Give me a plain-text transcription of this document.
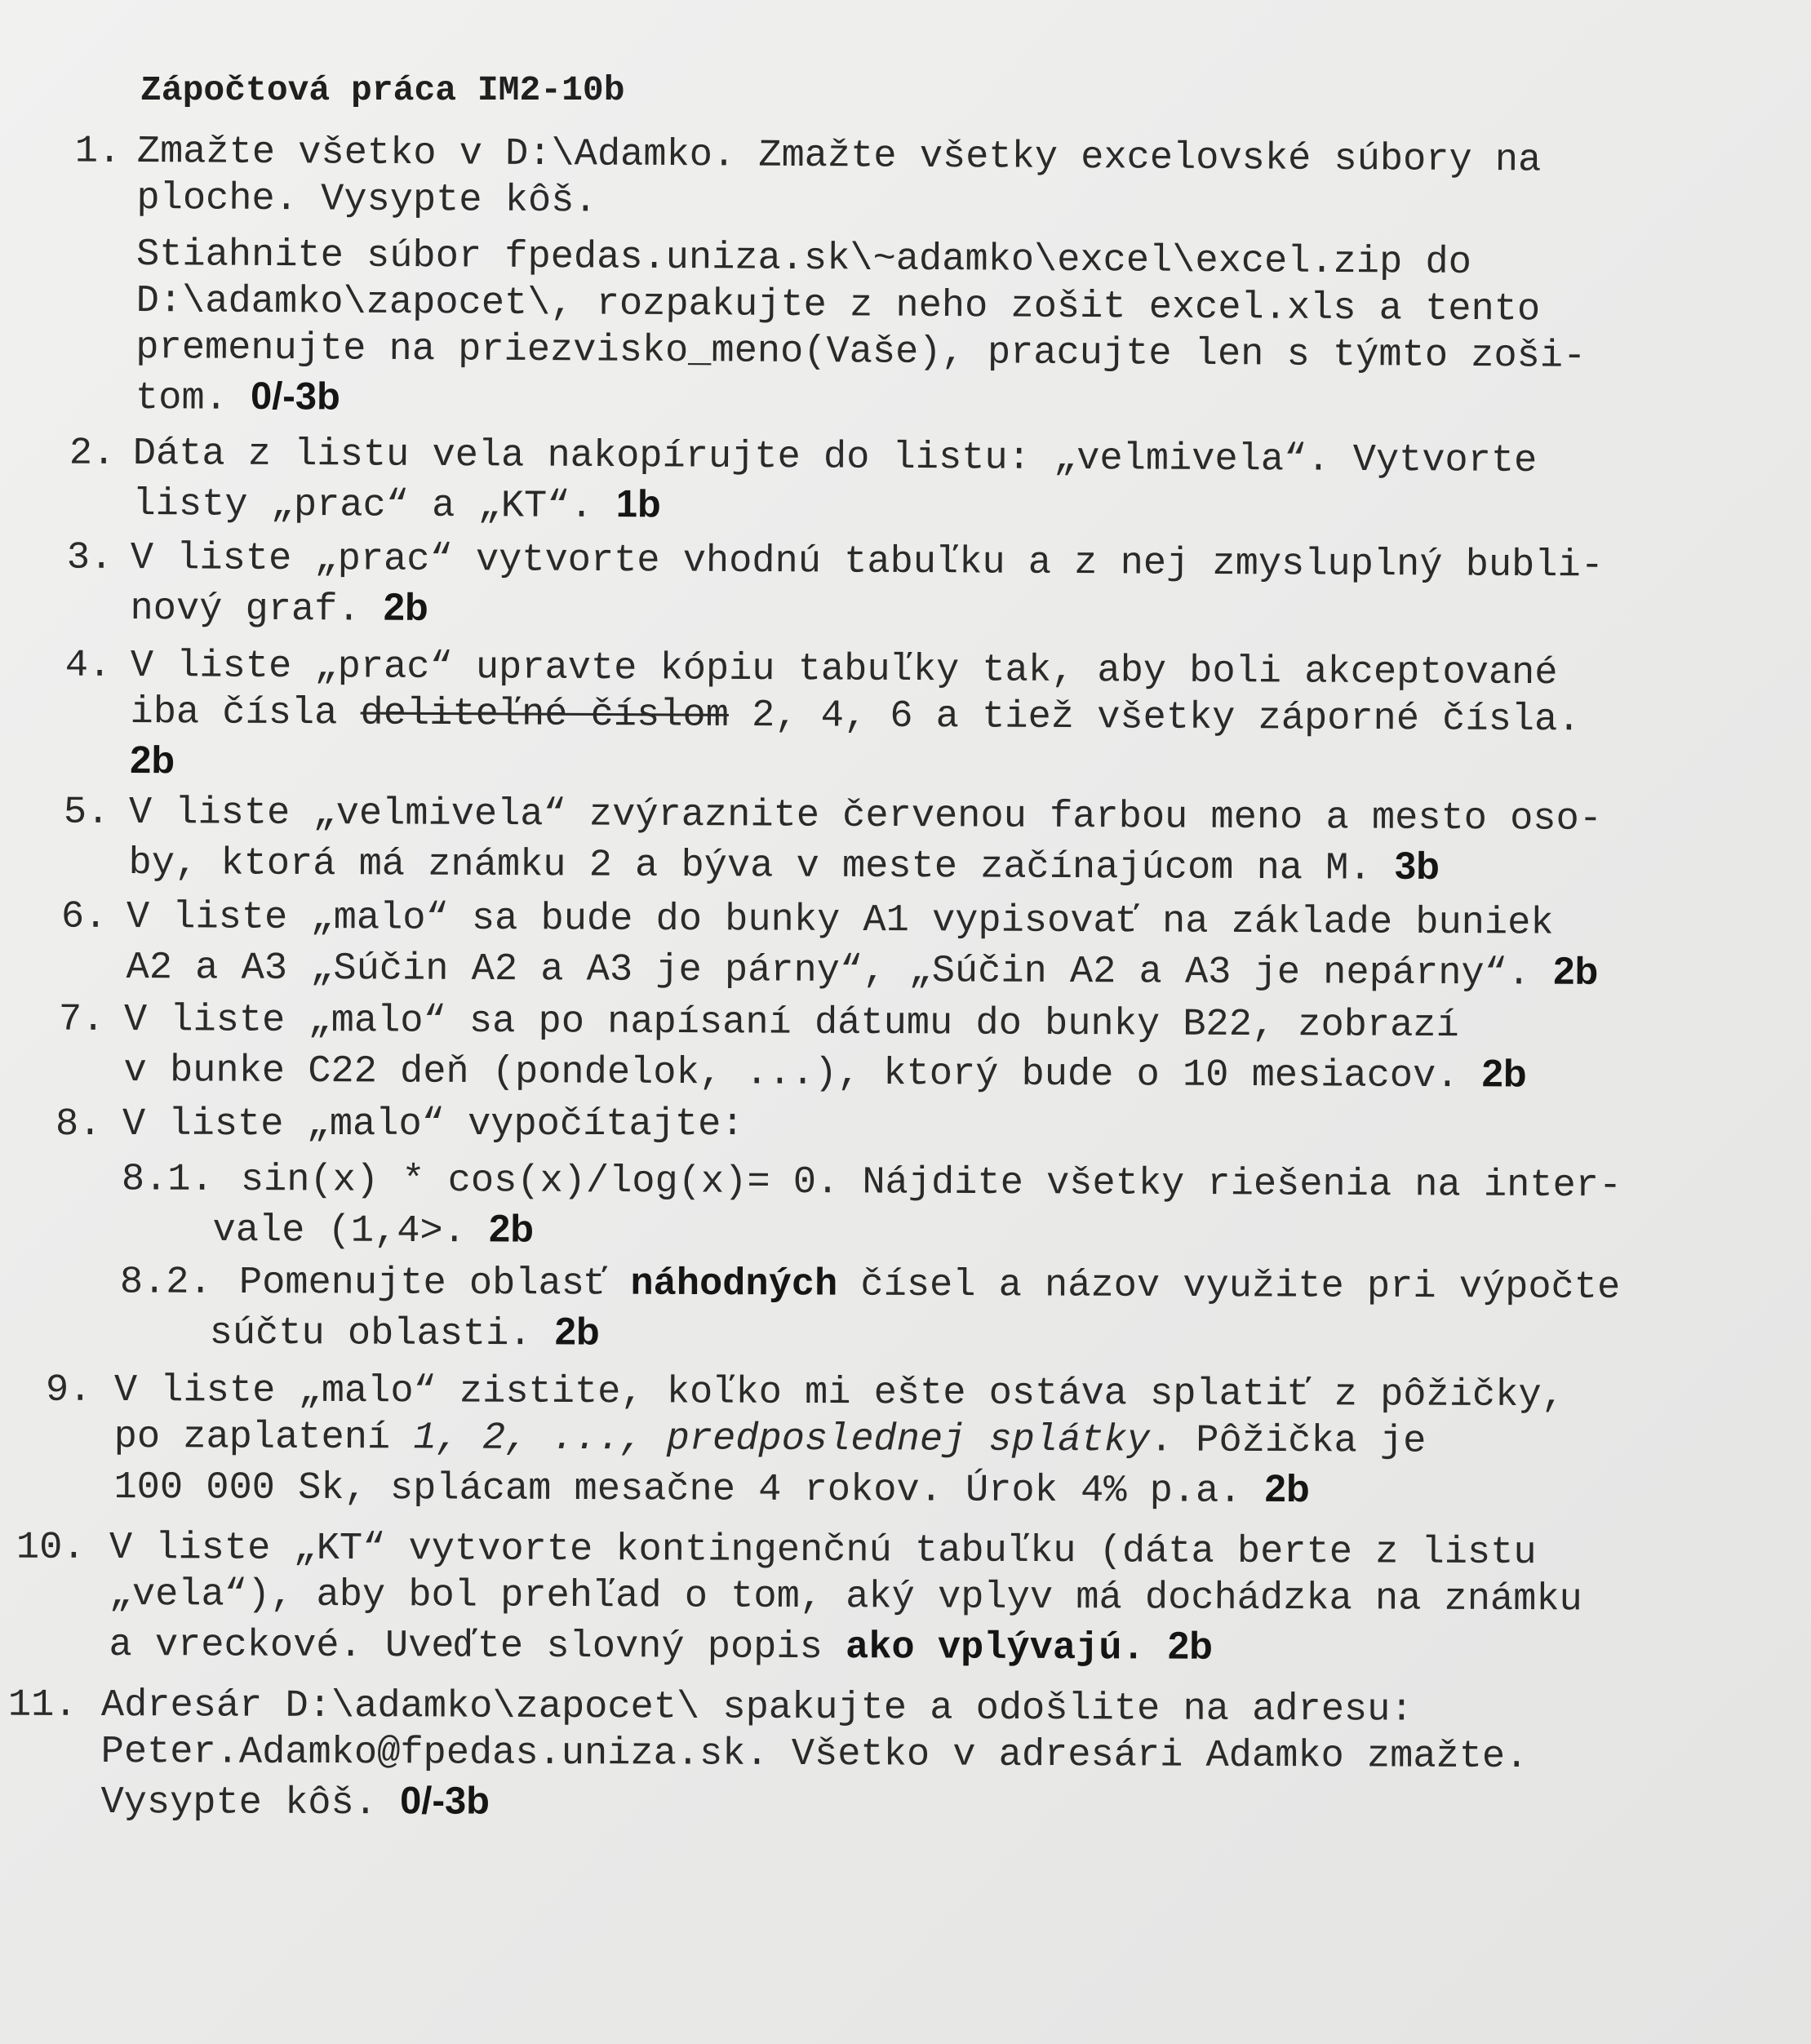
Zápočtová práca IM2-10b
1. Zmažte všetko v D:\Adamko. Zmažte všetky excelovské súbory na
ploche. Vysypte kôš.
Stiahnite súbor fpedas.uniza.sk\~adamko\excel\excel.zip do
D:\adamko\zapocet\, rozpakujte z neho zošit excel.xls a tento
premenujte na priezvisko_meno(Vaše), pracujte len s týmto zoši-
tom. 0/-3b
2. Dáta z listu vela nakopírujte do listu: „velmivela“. Vytvorte
listy „prac“ a „KT“. 1b
3. V liste „prac“ vytvorte vhodnú tabuľku a z nej zmysluplný bubli-
nový graf. 2b
4. V liste „prac“ upravte kópiu tabuľky tak, aby boli akceptované
iba čísla deliteľné číslom 2, 4, 6 a tiež všetky záporné čísla.
2b
5. V liste „velmivela“ zvýraznite červenou farbou meno a mesto oso-
by, ktorá má známku 2 a býva v meste začínajúcom na M. 3b
6. V liste „malo“ sa bude do bunky A1 vypisovať na základe buniek
A2 a A3 „Súčin A2 a A3 je párny“, „Súčin A2 a A3 je nepárny“. 2b
7. V liste „malo“ sa po napísaní dátumu do bunky B22, zobrazí
v bunke C22 deň (pondelok, ...), ktorý bude o 10 mesiacov. 2b
8. V liste „malo“ vypočítajte:
8.1. sin(x) * cos(x)/log(x)= 0. Nájdite všetky riešenia na inter-
vale (1,4>. 2b
8.2. Pomenujte oblasť náhodných čísel a názov využite pri výpočte
súčtu oblasti. 2b
9. V liste „malo“ zistite, koľko mi ešte ostáva splatiť z pôžičky,
po zaplatení 1, 2, ..., predposlednej splátky. Pôžička je
100 000 Sk, splácam mesačne 4 rokov. Úrok 4% p.a. 2b
10. V liste „KT“ vytvorte kontingenčnú tabuľku (dáta berte z listu
„vela“), aby bol prehľad o tom, aký vplyv má dochádzka na známku
a vreckové. Uveďte slovný popis ako vplývajú. 2b
11. Adresár D:\adamko\zapocet\ spakujte a odošlite na adresu:
Peter.Adamko@fpedas.uniza.sk. Všetko v adresári Adamko zmažte.
Vysypte kôš. 0/-3b
